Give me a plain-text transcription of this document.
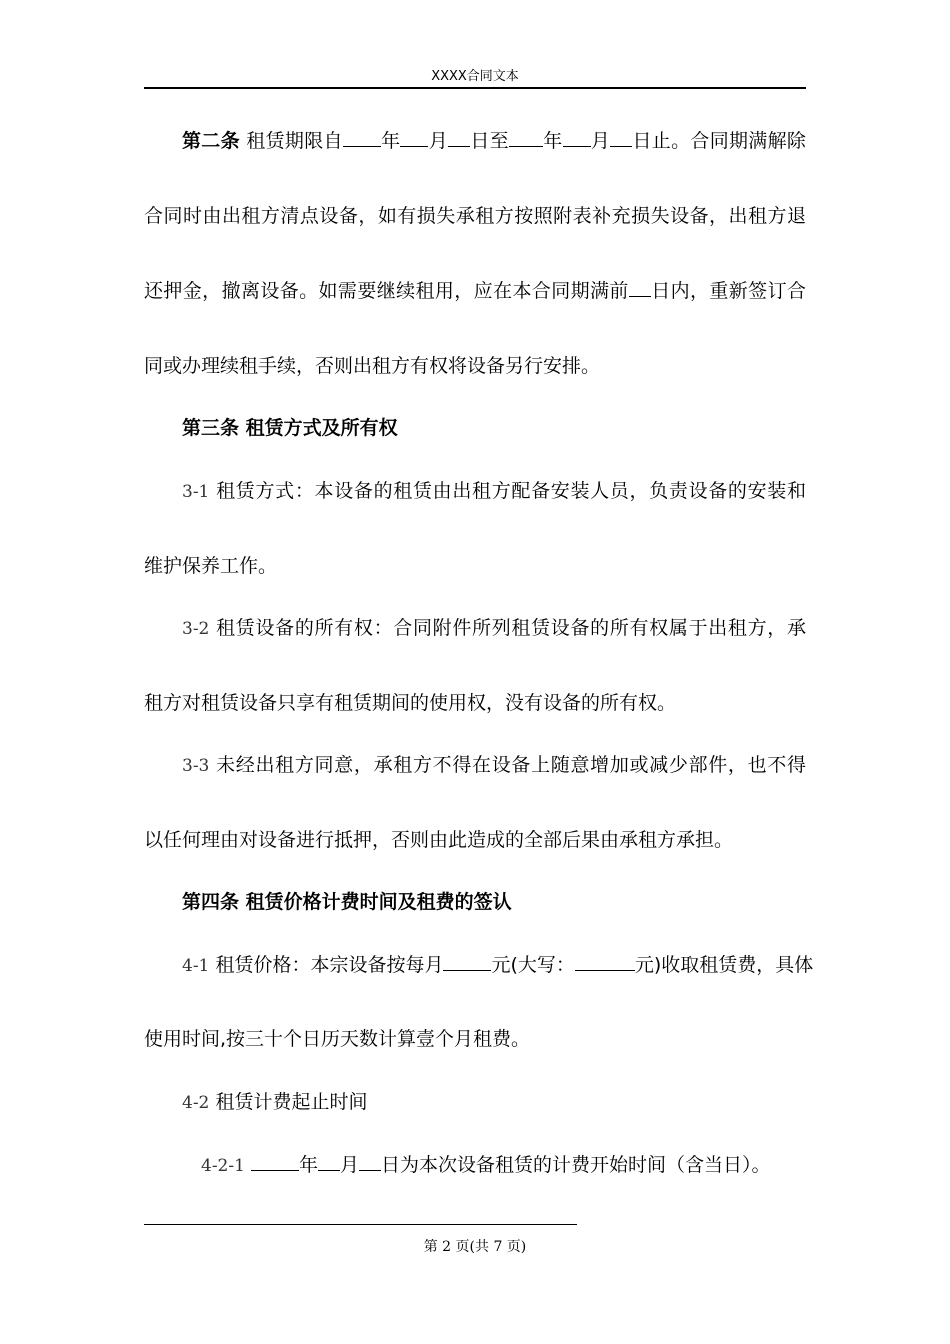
XXXX合同文本
第二条 租赁期限自 年 月 日至 年 月 日止。合同期满解除
合同时由出租方清点设备，如有损失承租方按照附表补充损失设备，出租方退
还押金，撤离设备。如需要继续租用，应在本合同期满前 日内，重新签订合
同或办理续租手续，否则出租方有权将设备另行安排。
第三条 租赁方式及所有权
3-1 租赁方式：本设备的租赁由出租方配备安装人员，负责设备的安装和
维护保养工作。
3-2 租赁设备的所有权：合同附件所列租赁设备的所有权属于出租方，承
租方对租赁设备只享有租赁期间的使用权，没有设备的所有权。
3-3 未经出租方同意，承租方不得在设备上随意增加或减少部件，也不得
以任何理由对设备进行抵押，否则由此造成的全部后果由承租方承担。
第四条 租赁价格计费时间及租费的签认
4-1 租赁价格：本宗设备按每月	元(大写：	元)收取租赁费，具体
使用时间,按三十个日历天数计算壹个月租费。
4-2 租赁计费起止时间
4-2-1	年 月 日为本次设备租赁的计费开始时间（含当日）。
第 2 页(共 7 页)
